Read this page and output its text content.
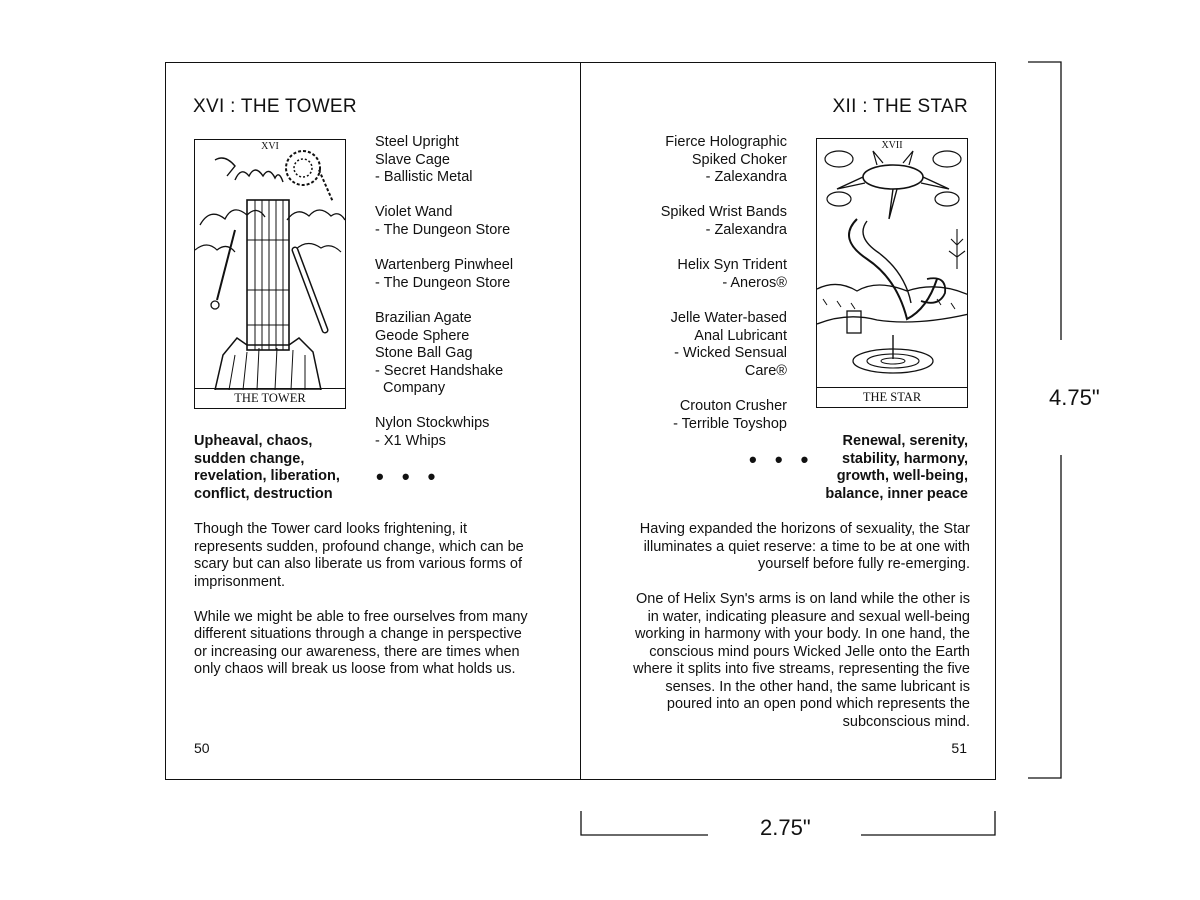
XVI : THE TOWER
XVI
THE TOWER
Steel Upright
Slave Cage
- Ballistic Metal
Violet Wand
- The Dungeon Store
Wartenberg Pinwheel
- The Dungeon Store
Brazilian Agate
Geode Sphere
Stone Ball Gag
- Secret Handshake
Company
Nylon Stockwhips
- X1 Whips
• • •
Upheaval, chaos,
sudden change,
revelation, liberation,
conflict, destruction

Though the Tower card looks frightening, it represents sudden, profound change, which can be scary but can also liberate us from various forms of imprisonment.

While we might be able to free ourselves from many different situations through a change in perspective or increasing our awareness, there are times when only chaos will break us loose from what holds us.

50
XII : THE STAR
XVII
THE STAR
Fierce Holographic
Spiked Choker
- Zalexandra
Spiked Wrist Bands
- Zalexandra
Helix Syn Trident
- Aneros®
Jelle Water-based
Anal Lubricant
- Wicked Sensual
Care®
Crouton Crusher
- Terrible Toyshop
• • •
Renewal, serenity,
stability, harmony,
growth, well-being,
balance, inner peace

Having expanded the horizons of sexuality, the Star illuminates a quiet reserve: a time to be at one with yourself before fully re-emerging.

One of Helix Syn's arms is on land while the other is in water, indicating pleasure and sexual well-being working in harmony with your body. In one hand, the conscious mind pours Wicked Jelle onto the Earth where it splits into five streams, representing the five senses. In the other hand, the same lubricant is poured into an open pond which represents the subconscious mind.

51
4.75"
2.75"
